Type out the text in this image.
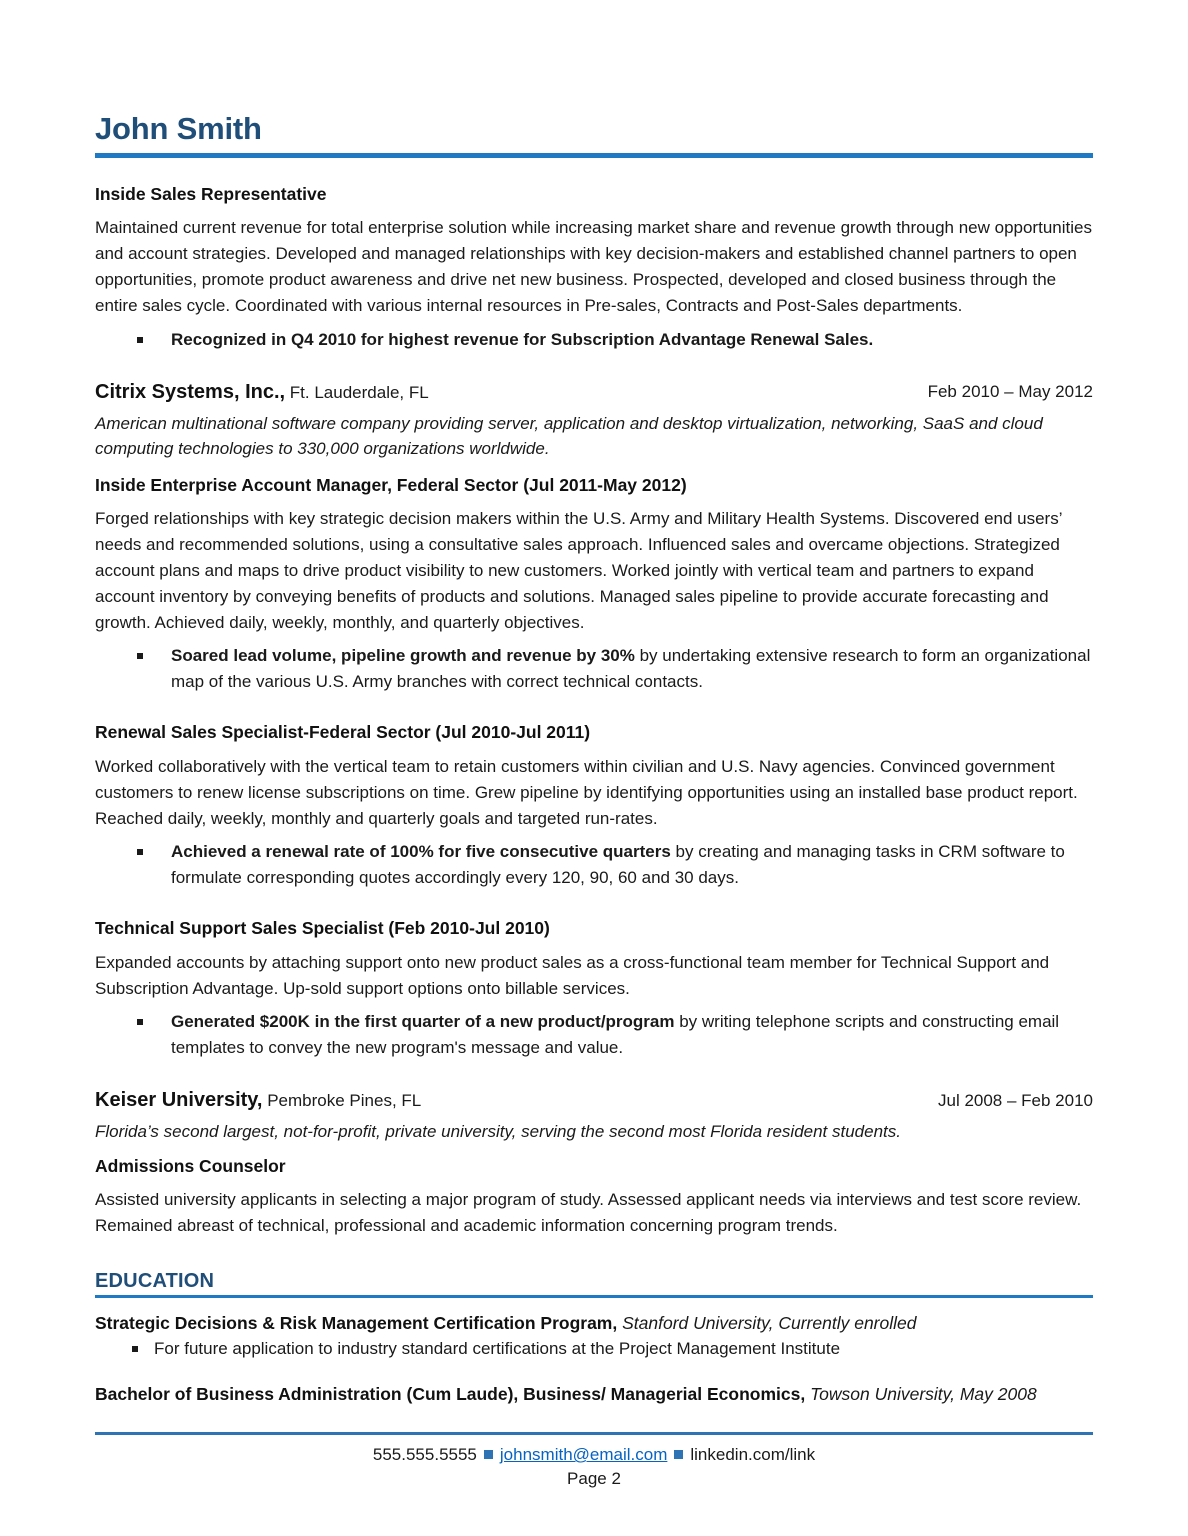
John Smith
Inside Sales Representative

Maintained current revenue for total enterprise solution while increasing market share and revenue growth through new opportunities and account strategies. Developed and managed relationships with key decision-makers and established channel partners to open opportunities, promote product awareness and drive net new business. Prospected, developed and closed business through the entire sales cycle. Coordinated with various internal resources in Pre-sales, Contracts and Post-Sales departments.

Recognized in Q4 2010 for highest revenue for Subscription Advantage Renewal Sales.
Citrix Systems, Inc., Ft. Lauderdale, FL	Feb 2010 – May 2012

American multinational software company providing server, application and desktop virtualization, networking, SaaS and cloud computing technologies to 330,000 organizations worldwide.

Inside Enterprise Account Manager, Federal Sector (Jul 2011-May 2012)

Forged relationships with key strategic decision makers within the U.S. Army and Military Health Systems. Discovered end users’ needs and recommended solutions, using a consultative sales approach. Influenced sales and overcame objections. Strategized account plans and maps to drive product visibility to new customers. Worked jointly with vertical team and partners to expand account inventory by conveying benefits of products and solutions. Managed sales pipeline to provide accurate forecasting and growth. Achieved daily, weekly, monthly, and quarterly objectives.

Soared lead volume, pipeline growth and revenue by 30% by undertaking extensive research to form an organizational map of the various U.S. Army branches with correct technical contacts.
Renewal Sales Specialist-Federal Sector (Jul 2010-Jul 2011)

Worked collaboratively with the vertical team to retain customers within civilian and U.S. Navy agencies. Convinced government customers to renew license subscriptions on time. Grew pipeline by identifying opportunities using an installed base product report. Reached daily, weekly, monthly and quarterly goals and targeted run-rates.

Achieved a renewal rate of 100% for five consecutive quarters by creating and managing tasks in CRM software to formulate corresponding quotes accordingly every 120, 90, 60 and 30 days.
Technical Support Sales Specialist (Feb 2010-Jul 2010)

Expanded accounts by attaching support onto new product sales as a cross-functional team member for Technical Support and Subscription Advantage. Up-sold support options onto billable services.

Generated $200K in the first quarter of a new product/program by writing telephone scripts and constructing email templates to convey the new program's message and value.
Keiser University, Pembroke Pines, FL	Jul 2008 – Feb 2010

Florida’s second largest, not-for-profit, private university, serving the second most Florida resident students.

Admissions Counselor

Assisted university applicants in selecting a major program of study. Assessed applicant needs via interviews and test score review. Remained abreast of technical, professional and academic information concerning program trends.

EDUCATION

Strategic Decisions & Risk Management Certification Program, Stanford University, Currently enrolled

For future application to industry standard certifications at the Project Management Institute

Bachelor of Business Administration (Cum Laude), Business/ Managerial Economics, Towson University, May 2008

555.555.5555 johnsmith@email.com linkedin.com/link
Page 2
